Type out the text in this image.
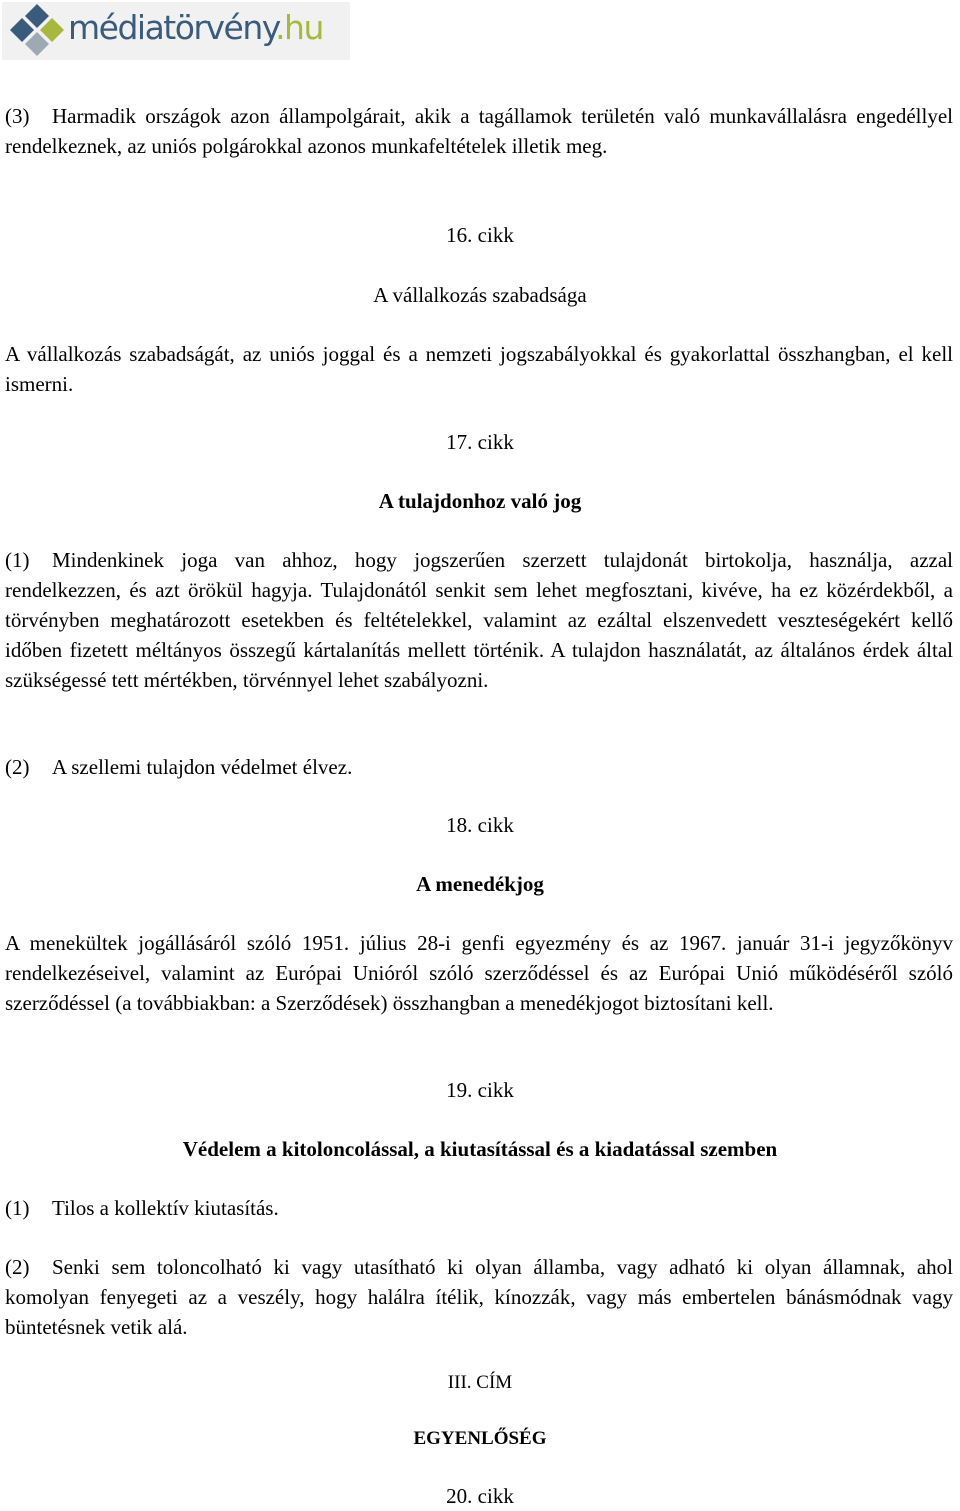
médiatörvény.hu

(3) Harmadik országok azon állampolgárait, akik a tagállamok területén való munkavállalásra engedéllyel rendelkeznek, az uniós polgárokkal azonos munkafeltételek illetik meg.

16. cikk

A vállalkozás szabadsága

A vállalkozás szabadságát, az uniós joggal és a nemzeti jogszabályokkal és gyakorlattal összhangban, el kell ismerni.

17. cikk

A tulajdonhoz való jog

(1) Mindenkinek joga van ahhoz, hogy jogszerűen szerzett tulajdonát birtokolja, használja, azzal rendelkezzen, és azt örökül hagyja. Tulajdonától senkit sem lehet megfosztani, kivéve, ha ez közérdekből, a törvényben meghatározott esetekben és feltételekkel, valamint az ezáltal elszenvedett veszteségekért kellő időben fizetett méltányos összegű kártalanítás mellett történik. A tulajdon használatát, az általános érdek által szükségessé tett mértékben, törvénnyel lehet szabályozni.

(2) A szellemi tulajdon védelmet élvez.

18. cikk

A menedékjog

A menekültek jogállásáról szóló 1951. július 28-i genfi egyezmény és az 1967. január 31-i jegyzőkönyv rendelkezéseivel, valamint az Európai Unióról szóló szerződéssel és az Európai Unió működéséről szóló szerződéssel (a továbbiakban: a Szerződések) összhangban a menedékjogot biztosítani kell.

19. cikk

Védelem a kitoloncolással, a kiutasítással és a kiadatással szemben

(1) Tilos a kollektív kiutasítás.

(2) Senki sem toloncolható ki vagy utasítható ki olyan államba, vagy adható ki olyan államnak, ahol komolyan fenyegeti az a veszély, hogy halálra ítélik, kínozzák, vagy más embertelen bánásmódnak vagy büntetésnek vetik alá.

III. CÍM

EGYENLŐSÉG

20. cikk
